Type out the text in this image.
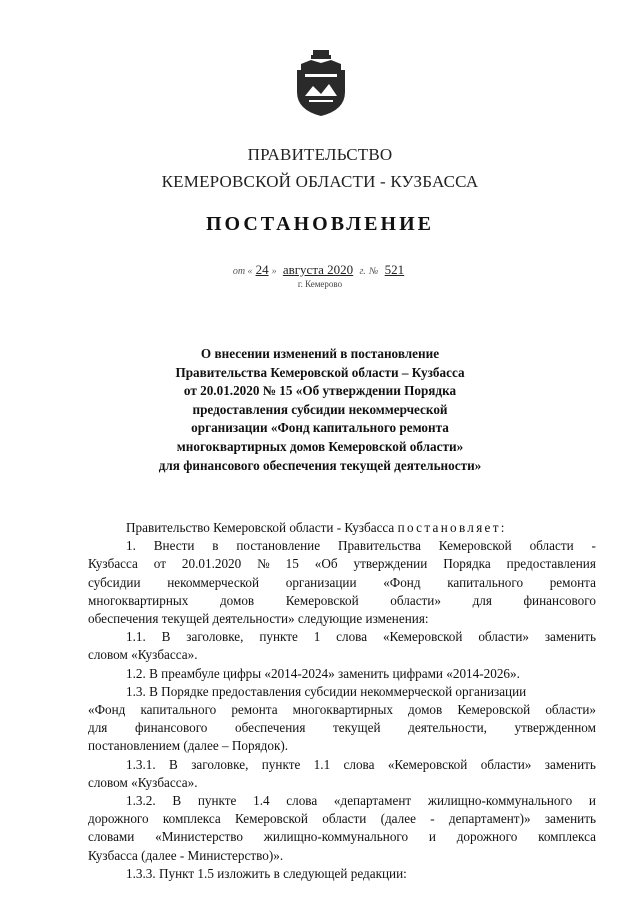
ПРАВИТЕЛЬСТВО
КЕМЕРОВСКОЙ ОБЛАСТИ - КУЗБАССА
ПОСТАНОВЛЕНИЕ
от « 24 » августа 2020 г. № 521
г. Кемерово
О внесении изменений в постановление
Правительства Кемеровской области – Кузбасса
от 20.01.2020 № 15 «Об утверждении Порядка
предоставления субсидии некоммерческой
организации «Фонд капитального ремонта
многоквартирных домов Кемеровской области»
для финансового обеспечения текущей деятельности»
Правительство Кемеровской области - Кузбасса постановляет:
1. Внести в постановление Правительства Кемеровской области -
Кузбасса от 20.01.2020 № 15 «Об утверждении Порядка предоставления
субсидии некоммерческой организации «Фонд капитального ремонта
многоквартирных домов Кемеровской области» для финансового
обеспечения текущей деятельности» следующие изменения:
1.1. В заголовке, пункте 1 слова «Кемеровской области» заменить
словом «Кузбасса».
1.2. В преамбуле цифры «2014-2024» заменить цифрами «2014-2026».
1.3. В Порядке предоставления субсидии некоммерческой организации
«Фонд капитального ремонта многоквартирных домов Кемеровской области»
для финансового обеспечения текущей деятельности, утвержденном
постановлением (далее – Порядок).
1.3.1. В заголовке, пункте 1.1 слова «Кемеровской области» заменить
словом «Кузбасса».
1.3.2. В пункте 1.4 слова «департамент жилищно-коммунального и
дорожного комплекса Кемеровской области (далее - департамент)» заменить
словами «Министерство жилищно-коммунального и дорожного комплекса
Кузбасса (далее - Министерство)».
1.3.3. Пункт 1.5 изложить в следующей редакции:
